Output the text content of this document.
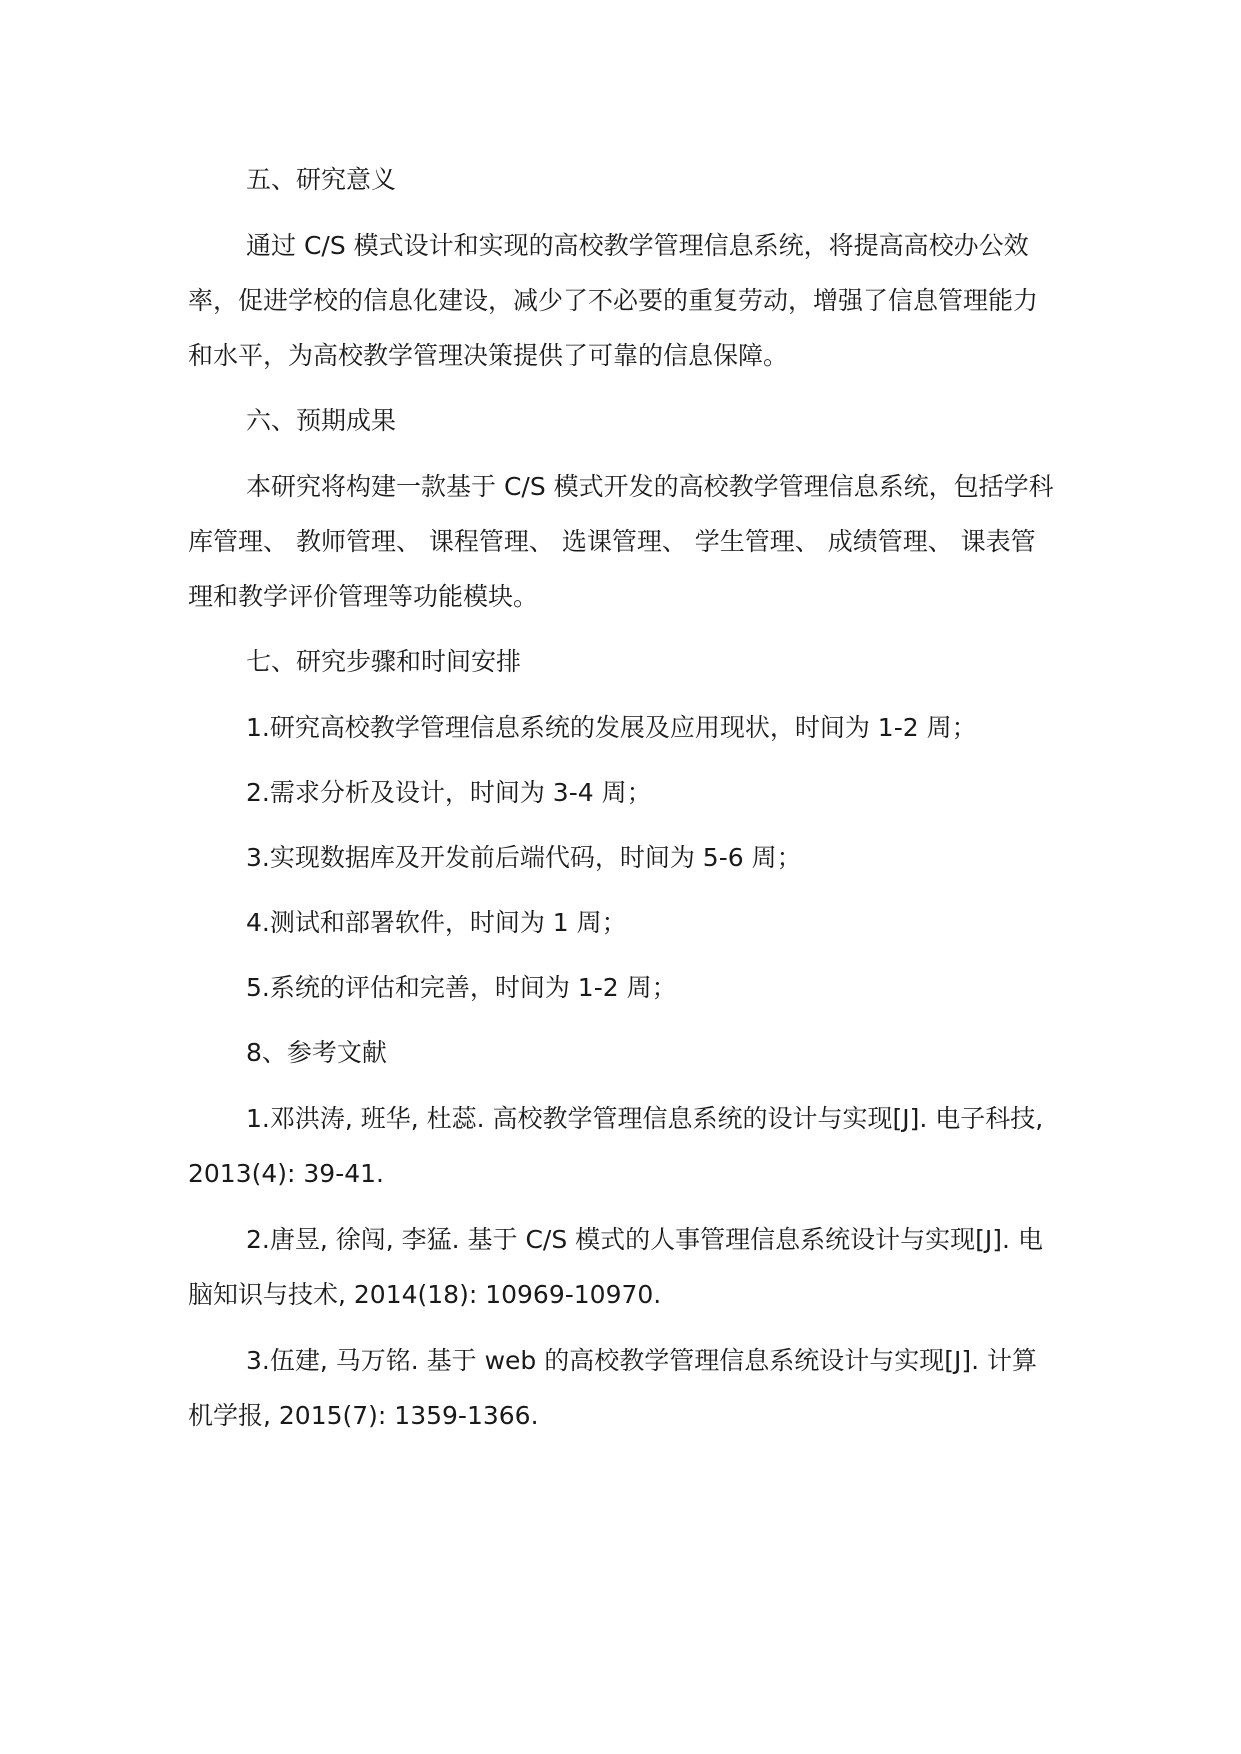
五、研究意义
通过 C/S 模式设计和实现的高校教学管理信息系统，将提高高校办公效率，促进学校的信息化建设，减少了不必要的重复劳动，增强了信息管理能力和水平，为高校教学管理决策提供了可靠的信息保障。
六、预期成果
本研究将构建一款基于 C/S 模式开发的高校教学管理信息系统，包括学科库管理、 教师管理、 课程管理、 选课管理、 学生管理、 成绩管理、 课表管理和教学评价管理等功能模块。
七、研究步骤和时间安排
1.研究高校教学管理信息系统的发展及应用现状，时间为 1-2 周；
2.需求分析及设计，时间为 3-4 周；
3.实现数据库及开发前后端代码，时间为 5-6 周；
4.测试和部署软件，时间为 1 周；
5.系统的评估和完善，时间为 1-2 周；
8、参考文献
1.邓洪涛, 班华, 杜蕊. 高校教学管理信息系统的设计与实现[J]. 电子科技, 2013(4): 39-41.
2.唐昱, 徐闯, 李猛. 基于 C/S 模式的人事管理信息系统设计与实现[J]. 电脑知识与技术, 2014(18): 10969-10970.
3.伍建, 马万铭. 基于 web 的高校教学管理信息系统设计与实现[J]. 计算机学报, 2015(7): 1359-1366.
